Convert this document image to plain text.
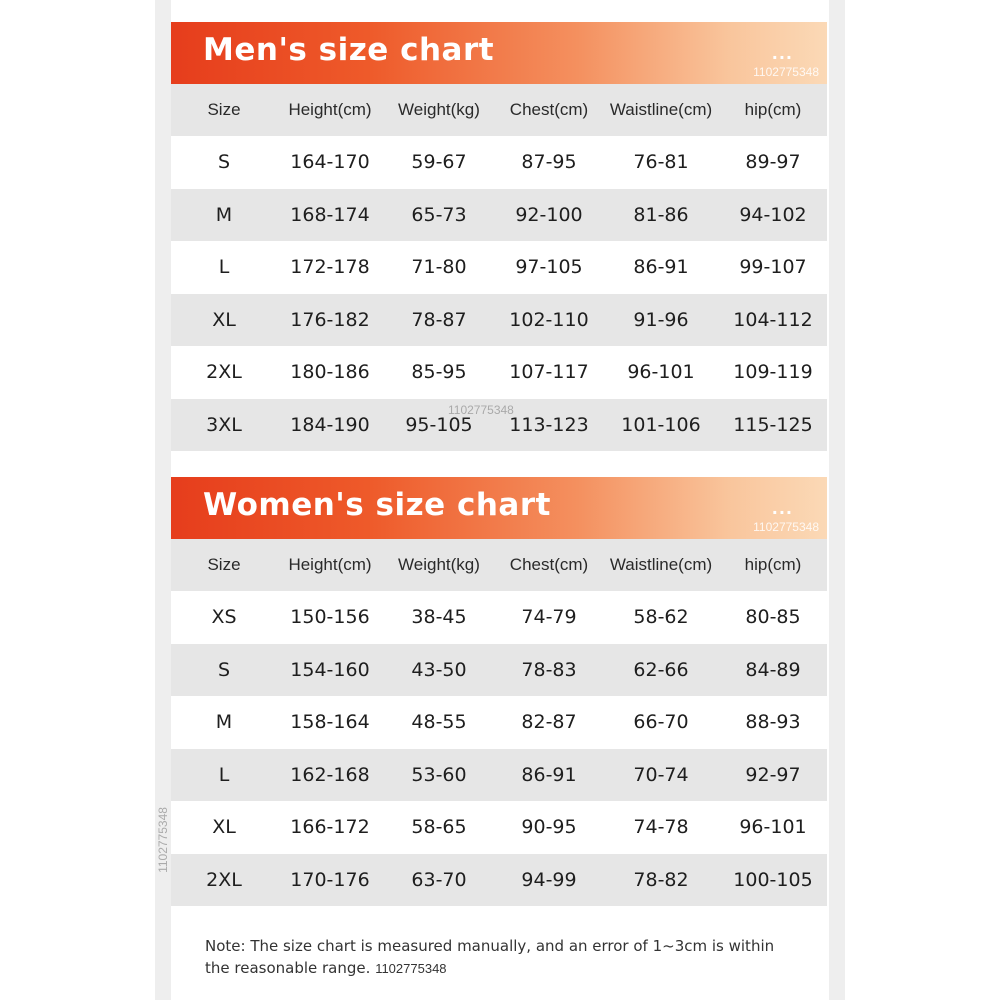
Men's size chart	...
1102775348
Size	Height(cm)	Weight(kg)	Chest(cm)	Waistline(cm)	hip(cm)
S	164-170	59-67	87-95	76-81	89-97
M	168-174	65-73	92-100	81-86	94-102
L	172-178	71-80	97-105	86-91	99-107
XL	176-182	78-87	102-110	91-96	104-112
2XL	180-186	85-95	107-117	96-101	109-119
3XL	184-190	95-105	113-123	101-106	115-125
1102775348
Women's size chart	...
1102775348
Size	Height(cm)	Weight(kg)	Chest(cm)	Waistline(cm)	hip(cm)
XS	150-156	38-45	74-79	58-62	80-85
S	154-160	43-50	78-83	62-66	84-89
M	158-164	48-55	82-87	66-70	88-93
L	162-168	53-60	86-91	70-74	92-97
XL	166-172	58-65	90-95	74-78	96-101
2XL	170-176	63-70	94-99	78-82	100-105
1102775348

Note: The size chart is measured manually, and an error of 1~3cm is within the reasonable range. 1102775348
